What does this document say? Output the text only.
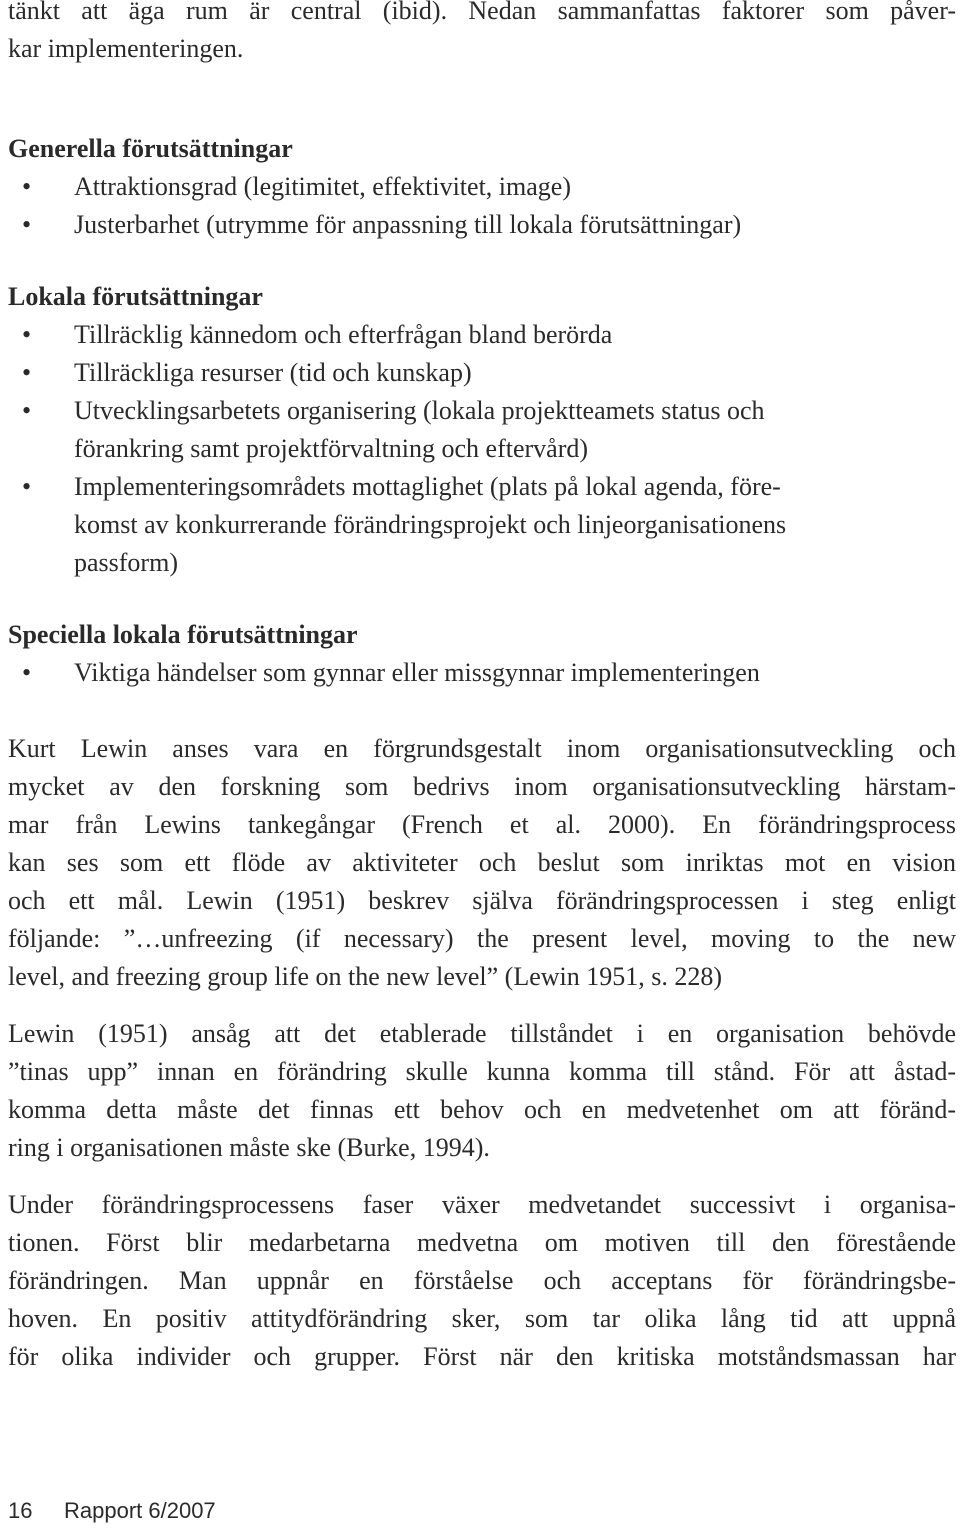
tänkt att äga rum är central (ibid). Nedan sammanfattas faktorer som påver-
kar implementeringen.
Generella förutsättningar
•	Attraktionsgrad (legitimitet, effektivitet, image)
•	Justerbarhet (utrymme för anpassning till lokala förutsättningar)
Lokala förutsättningar
•	Tillräcklig kännedom och efterfrågan bland berörda
•	Tillräckliga resurser (tid och kunskap)
•	Utvecklingsarbetets organisering (lokala projektteamets status och
förankring samt projektförvaltning och eftervård)
•	Implementeringsområdets mottaglighet (plats på lokal agenda, före-
komst av konkurrerande förändringsprojekt och linjeorganisationens
passform)
Speciella lokala förutsättningar
•	Viktiga händelser som gynnar eller missgynnar implementeringen
Kurt Lewin anses vara en förgrundsgestalt inom organisationsutveckling och
mycket av den forskning som bedrivs inom organisationsutveckling härstam-
mar från Lewins tankegångar (French et al. 2000). En förändringsprocess
kan ses som ett flöde av aktiviteter och beslut som inriktas mot en vision
och ett mål. Lewin (1951) beskrev själva förändringsprocessen i steg enligt
följande: ”…unfreezing (if necessary) the present level, moving to the new
level, and freezing group life on the new level” (Lewin 1951, s. 228)
Lewin (1951) ansåg att det etablerade tillståndet i en organisation behövde
”tinas upp” innan en förändring skulle kunna komma till stånd. För att åstad-
komma detta måste det finnas ett behov och en medvetenhet om att föränd-
ring i organisationen måste ske (Burke, 1994).
Under förändringsprocessens faser växer medvetandet successivt i organisa-
tionen. Först blir medarbetarna medvetna om motiven till den förestående
förändringen. Man uppnår en förståelse och acceptans för förändringsbe-
hoven. En positiv attitydförändring sker, som tar olika lång tid att uppnå
för olika individer och grupper. Först när den kritiska motståndsmassan har
16 Rapport 6/2007
